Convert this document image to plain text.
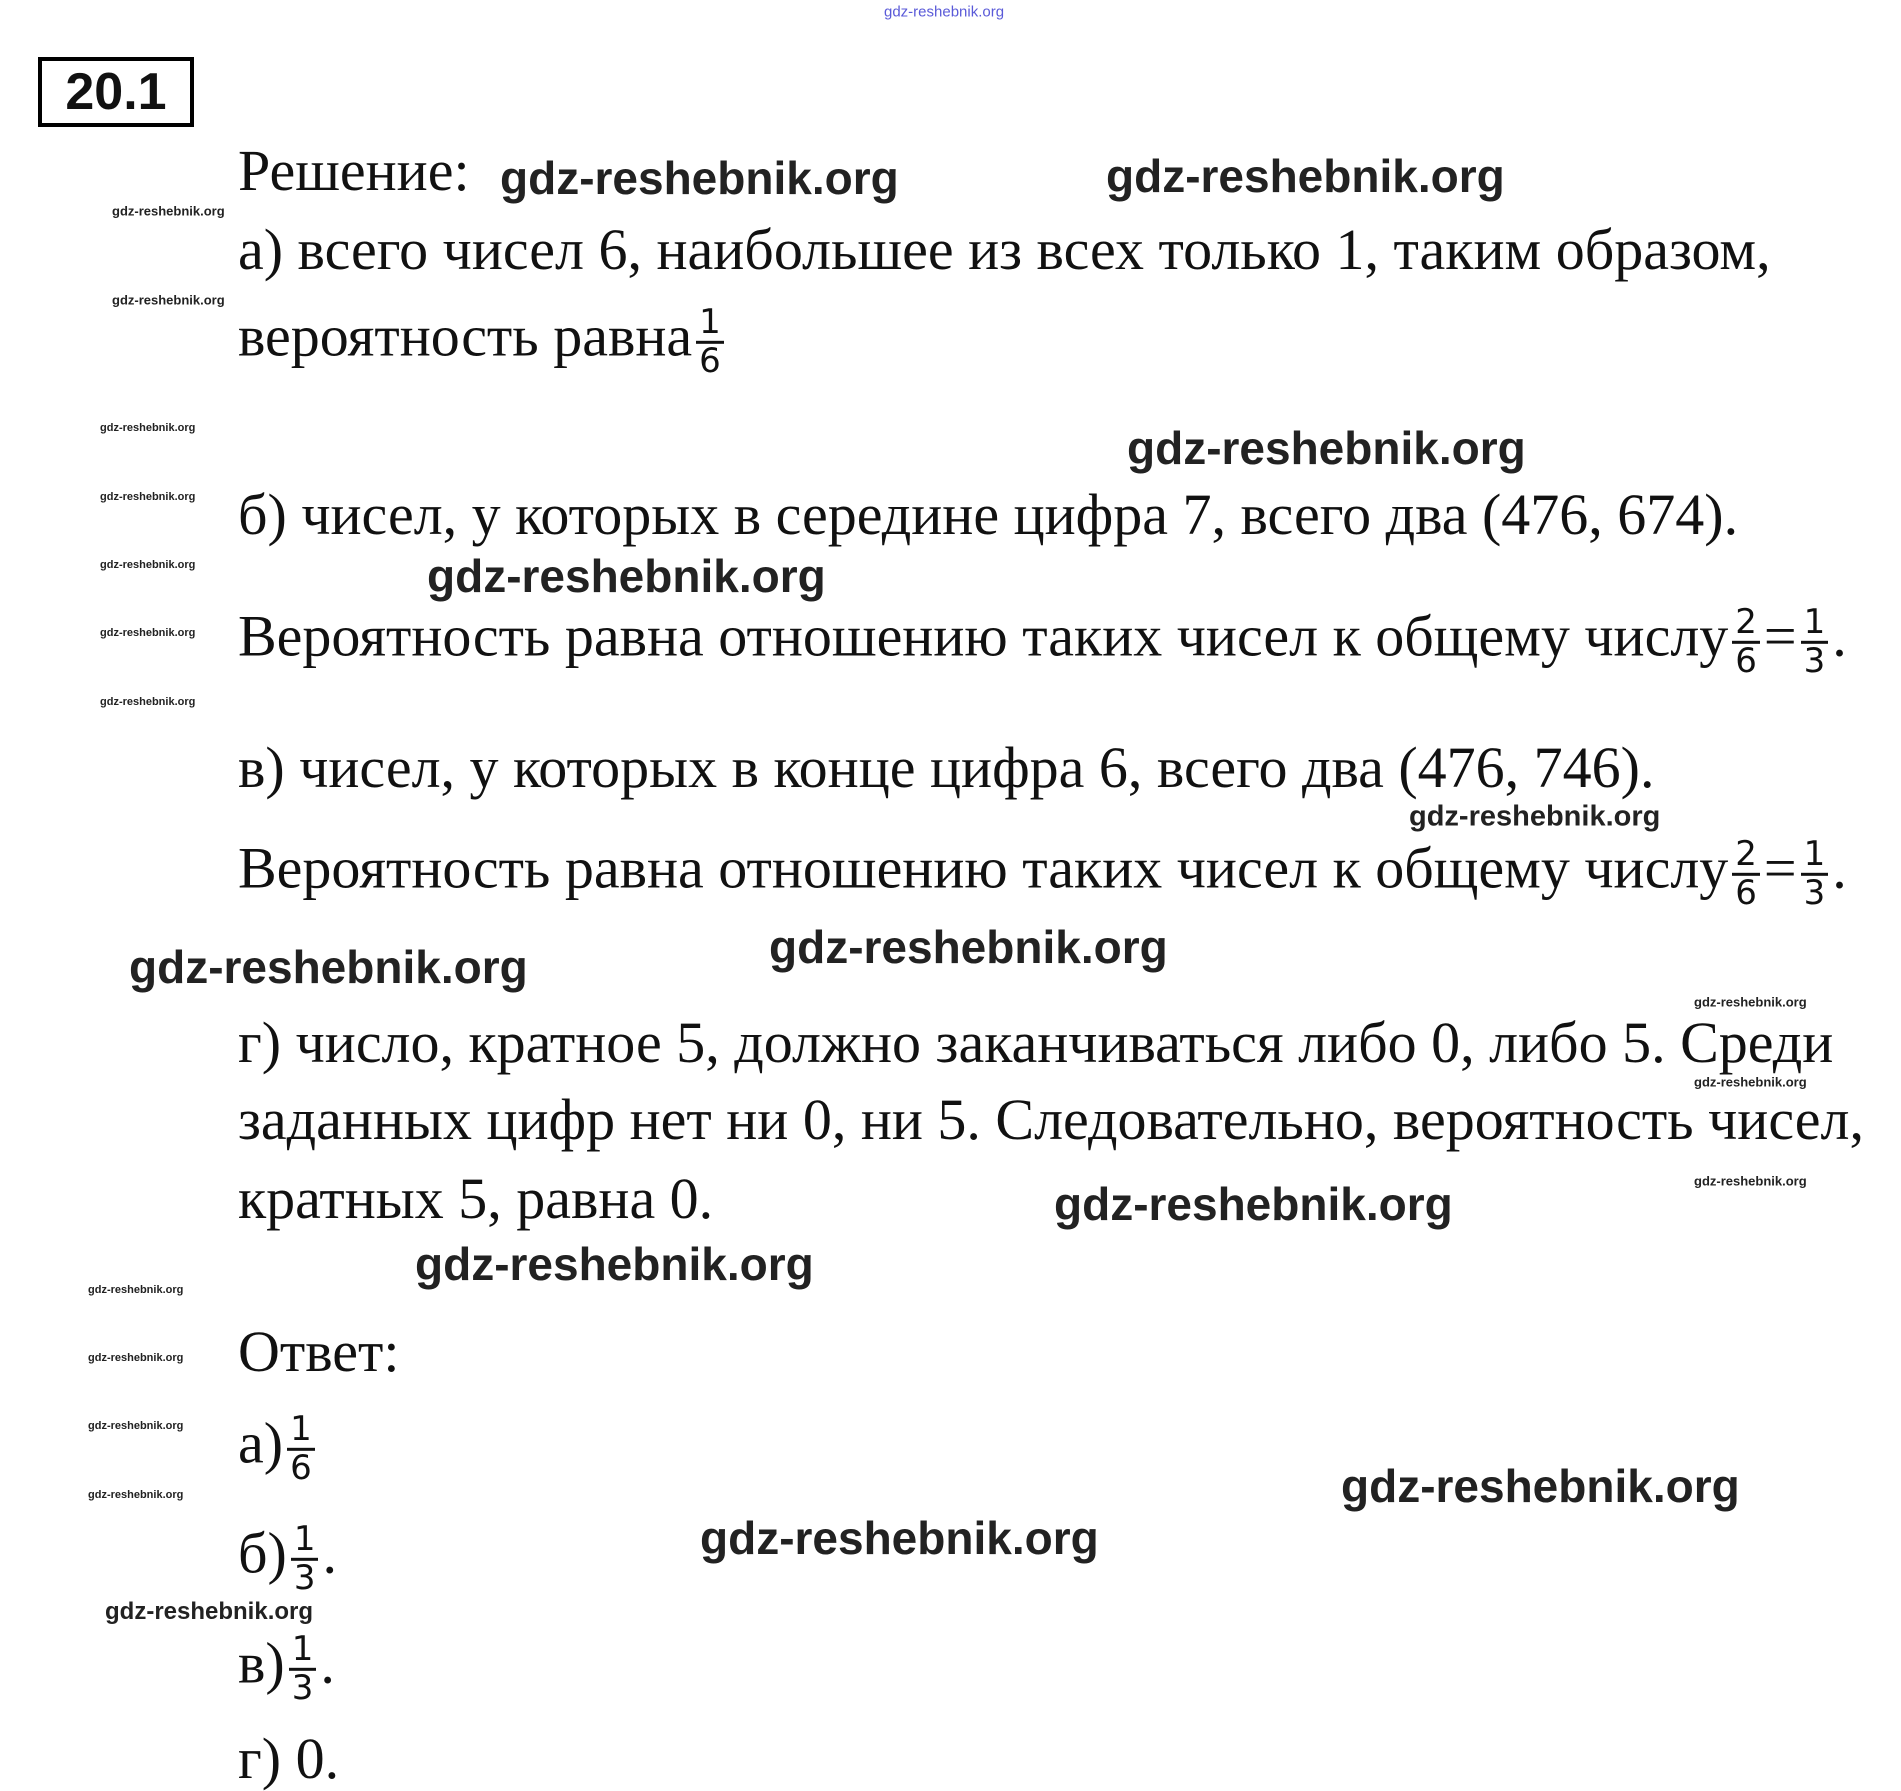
gdz-reshebnik.org
20.1
Решение:
а) всего чисел 6, наибольшее из всех только 1, таким образом,
вероятность равна $\frac{1}{6}$
б) чисел, у которых в середине цифра 7, всего два (476, 674).
Вероятность равна отношению таких чисел к общему числу $\frac{2}{6} = \frac{1}{3}$ .
в) чисел, у которых в конце цифра 6, всего два (476, 746).
Вероятность равна отношению таких чисел к общему числу $\frac{2}{6} = \frac{1}{3}$ .
г) число, кратное 5, должно заканчиваться либо 0, либо 5. Среди
заданных цифр нет ни 0, ни 5. Следовательно, вероятность чисел,
кратных 5, равна 0.
Ответ:
$а) \frac{1}{6}$
$б) \frac{1}{3}$ .
$в) \frac{1}{3}$ .
г) 0.
gdz-reshebnik.org	gdz-reshebnik.org
gdz-reshebnik.org
gdz-reshebnik.org
gdz-reshebnik.org
gdz-reshebnik.org
gdz-reshebnik.org
gdz-reshebnik.org
gdz-reshebnik.org
gdz-reshebnik.org
gdz-reshebnik.org
gdz-reshebnik.org
gdz-reshebnik.org
gdz-reshebnik.org
gdz-reshebnik.org
gdz-reshebnik.org
gdz-reshebnik.org
gdz-reshebnik.org
gdz-reshebnik.org
gdz-reshebnik.org
gdz-reshebnik.org
gdz-reshebnik.org
gdz-reshebnik.org
gdz-reshebnik.org
gdz-reshebnik.org
gdz-reshebnik.org
